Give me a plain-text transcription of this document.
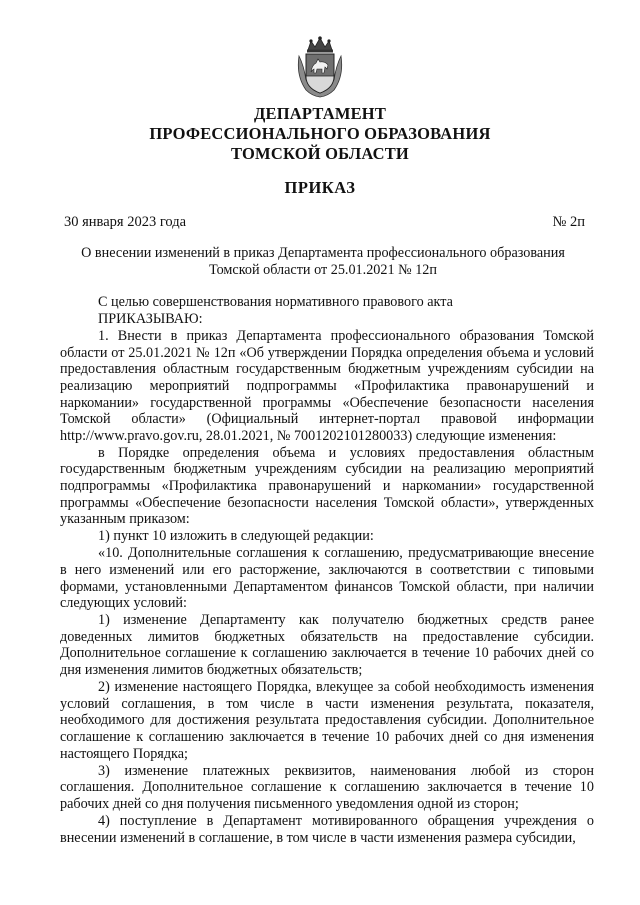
ДЕПАРТАМЕНТ
ПРОФЕССИОНАЛЬНОГО ОБРАЗОВАНИЯ
ТОМСКОЙ ОБЛАСТИ
ПРИКАЗ
30 января 2023 года	№ 2п
О внесении изменений в приказ Департамента профессионального образования Томской области от 25.01.2021 № 12п

С целью совершенствования нормативного правового акта

ПРИКАЗЫВАЮ:

1. Внести в приказ Департамента профессионального образования Томской области от 25.01.2021 № 12п «Об утверждении Порядка определения объема и условий предоставления областным государственным бюджетным учреждениям субсидии на реализацию мероприятий подпрограммы «Профилактика правонарушений и наркомании» государственной программы «Обеспечение безопасности населения Томской области» (Официальный интернет-портал правовой информации http://www.pravo.gov.ru, 28.01.2021, № 7001202101280033) следующие изменения:

в Порядке определения объема и условиях предоставления областным государственным бюджетным учреждениям субсидии на реализацию мероприятий подпрограммы «Профилактика правонарушений и наркомании» государственной программы «Обеспечение безопасности населения Томской области», утвержденных указанным приказом:

1) пункт 10 изложить в следующей редакции:

«10. Дополнительные соглашения к соглашению, предусматривающие внесение в него изменений или его расторжение, заключаются в соответствии с типовыми формами, установленными Департаментом финансов Томской области, при наличии следующих условий:

1) изменение Департаменту как получателю бюджетных средств ранее доведенных лимитов бюджетных обязательств на предоставление субсидии. Дополнительное соглашение к соглашению заключается в течение 10 рабочих дней со дня изменения лимитов бюджетных обязательств;

2) изменение настоящего Порядка, влекущее за собой необходимость изменения условий соглашения, в том числе в части изменения результата, показателя, необходимого для достижения результата предоставления субсидии. Дополнительное соглашение к соглашению заключается в течение 10 рабочих дней со дня изменения настоящего Порядка;

3) изменение платежных реквизитов, наименования любой из сторон соглашения. Дополнительное соглашение к соглашению заключается в течение 10 рабочих дней со дня получения письменного уведомления одной из сторон;

4) поступление в Департамент мотивированного обращения учреждения о внесении изменений в соглашение, в том числе в части изменения размера субсидии,
